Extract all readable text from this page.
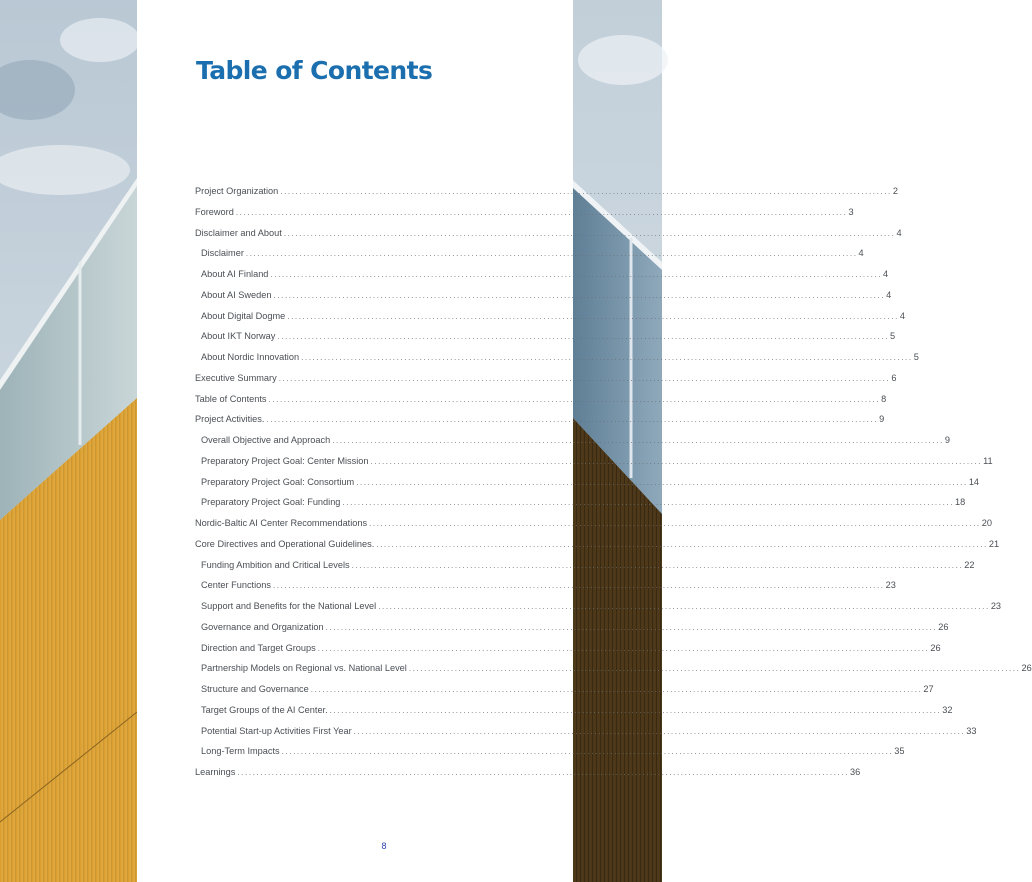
Table of Contents
Project Organization ................................................................................................................................................................ 2
Foreword ................................................................................................................................................................ 3
Disclaimer and About ................................................................................................................................................................ 4
Disclaimer ................................................................................................................................................................ 4
About AI Finland ................................................................................................................................................................ 4
About AI Sweden ................................................................................................................................................................ 4
About Digital Dogme ................................................................................................................................................................ 4
About IKT Norway ................................................................................................................................................................ 5
About Nordic Innovation ................................................................................................................................................................ 5
Executive Summary ................................................................................................................................................................ 6
Table of Contents ................................................................................................................................................................ 8
Project Activities. ................................................................................................................................................................ 9
Overall Objective and Approach ................................................................................................................................................................ 9
Preparatory Project Goal: Center Mission ................................................................................................................................................................ 11
Preparatory Project Goal: Consortium ................................................................................................................................................................ 14
Preparatory Project Goal: Funding ................................................................................................................................................................ 18
Nordic-Baltic AI Center Recommendations ................................................................................................................................................................ 20
Core Directives and Operational Guidelines. ................................................................................................................................................................ 21
Funding Ambition and Critical Levels ................................................................................................................................................................ 22
Center Functions ................................................................................................................................................................ 23
Support and Benefits for the National Level ................................................................................................................................................................ 23
Governance and Organization ................................................................................................................................................................ 26
Direction and Target Groups ................................................................................................................................................................ 26
Partnership Models on Regional vs. National Level ................................................................................................................................................................ 26
Structure and Governance ................................................................................................................................................................ 27
Target Groups of the AI Center. ................................................................................................................................................................ 32
Potential Start-up Activities First Year ................................................................................................................................................................ 33
Long-Term Impacts ................................................................................................................................................................ 35
Learnings ................................................................................................................................................................ 36
8
